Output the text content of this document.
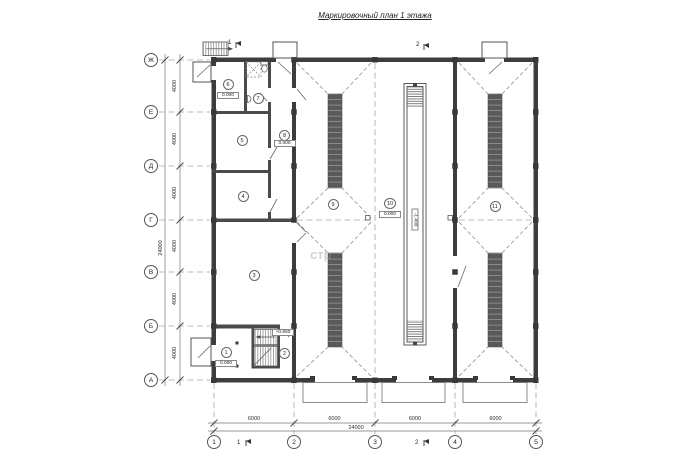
Маркировочный план 1 этажа
стр
Ж
Е
Д
Г
В
Б
А
1	2	3	4	5
4000
4000
4000
4000
4000
4000
24000
6000	6000	6000	6000
24000
1	2
1	2
1	2
3
4
5
6
7
8
9	10	11
0.000
0.000
0.000
0.000
+0.860
-1.400
